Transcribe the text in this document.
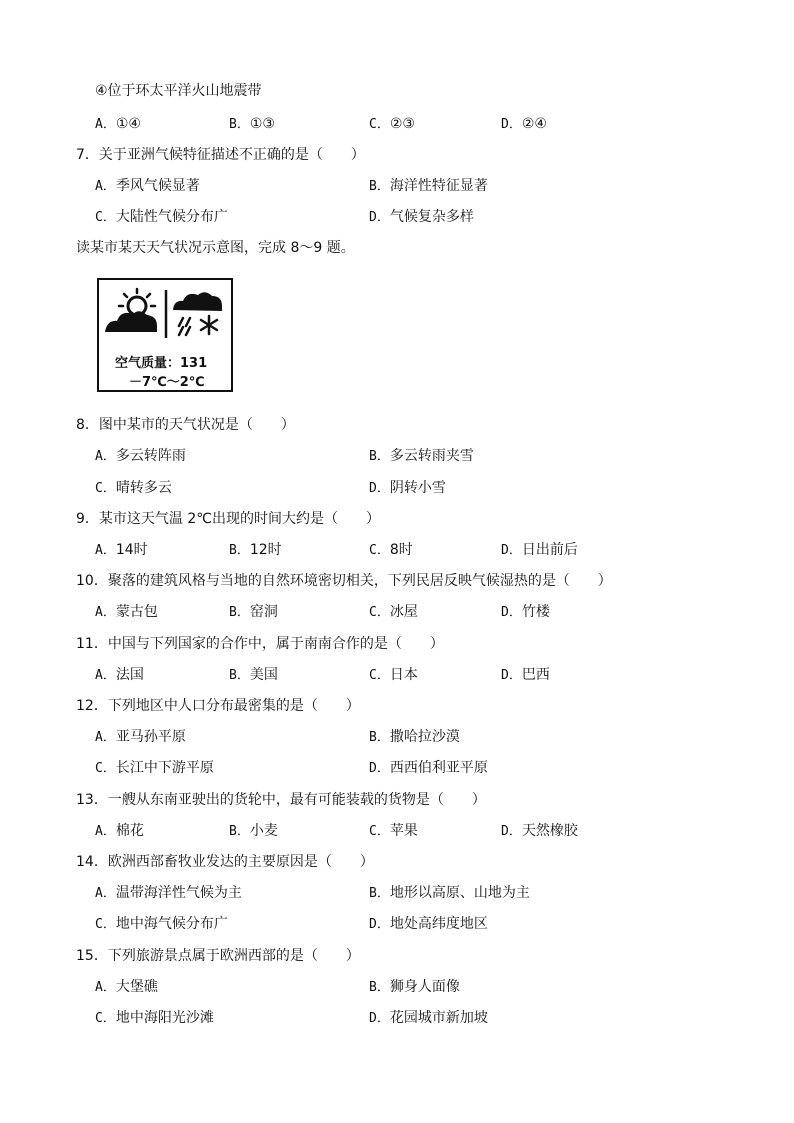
④位于环太平洋火山地震带
A．①④	B．①③	C．②③	D．②④
7．关于亚洲气候特征描述不正确的是（　　）
A．季风气候显著	B．海洋性特征显著
C．大陆性气候分布广	D．气候复杂多样
读某市某天天气状况示意图，完成 8～9 题。
空气质量：131
－7℃～2℃
8．图中某市的天气状况是（　　）
A．多云转阵雨	B．多云转雨夹雪
C．晴转多云	D．阴转小雪
9．某市这天气温 2℃出现的时间大约是（　　）
A．14时	B．12时	C．8时	D．日出前后
10．聚落的建筑风格与当地的自然环境密切相关，下列民居反映气候湿热的是（　　）
A．蒙古包	B．窑洞	C．冰屋	D．竹楼
11．中国与下列国家的合作中，属于南南合作的是（　　）
A．法国	B．美国	C．日本	D．巴西
12．下列地区中人口分布最密集的是（　　）
A．亚马孙平原	B．撒哈拉沙漠
C．长江中下游平原	D．西西伯利亚平原
13．一艘从东南亚驶出的货轮中，最有可能装载的货物是（　　）
A．棉花	B．小麦	C．苹果	D．天然橡胶
14．欧洲西部畜牧业发达的主要原因是（　　）
A．温带海洋性气候为主	B．地形以高原、山地为主
C．地中海气候分布广	D．地处高纬度地区
15．下列旅游景点属于欧洲西部的是（　　）
A．大堡礁	B．狮身人面像
C．地中海阳光沙滩	D．花园城市新加坡
